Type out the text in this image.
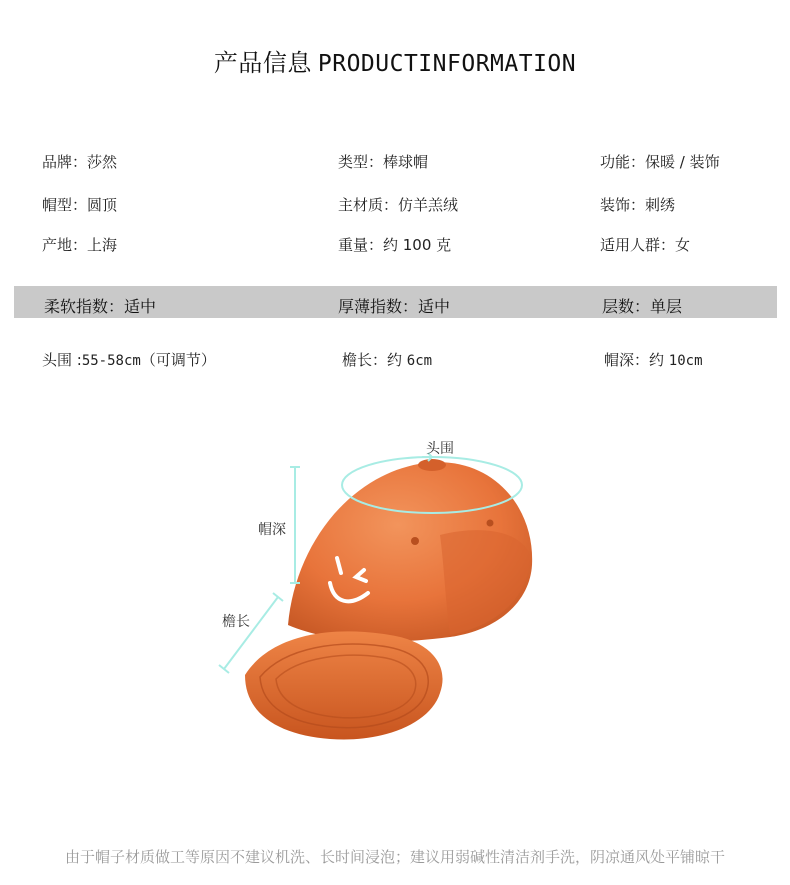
产品信息 PRODUCTINFORMATION
品牌：莎然	类型：棒球帽	功能：保暖 / 装饰
帽型：圆顶	主材质：仿羊羔绒	装饰：刺绣
产地：上海	重量：约 100 克	适用人群：女
柔软指数：适中	厚薄指数：适中	层数：单层
头围 :55-58cm（可调节）	檐长：约 6cm	帽深：约 10cm
头围
帽深
檐长
由于帽子材质做工等原因不建议机洗、长时间浸泡；建议用弱碱性清洁剂手洗，阴凉通风处平铺晾干
